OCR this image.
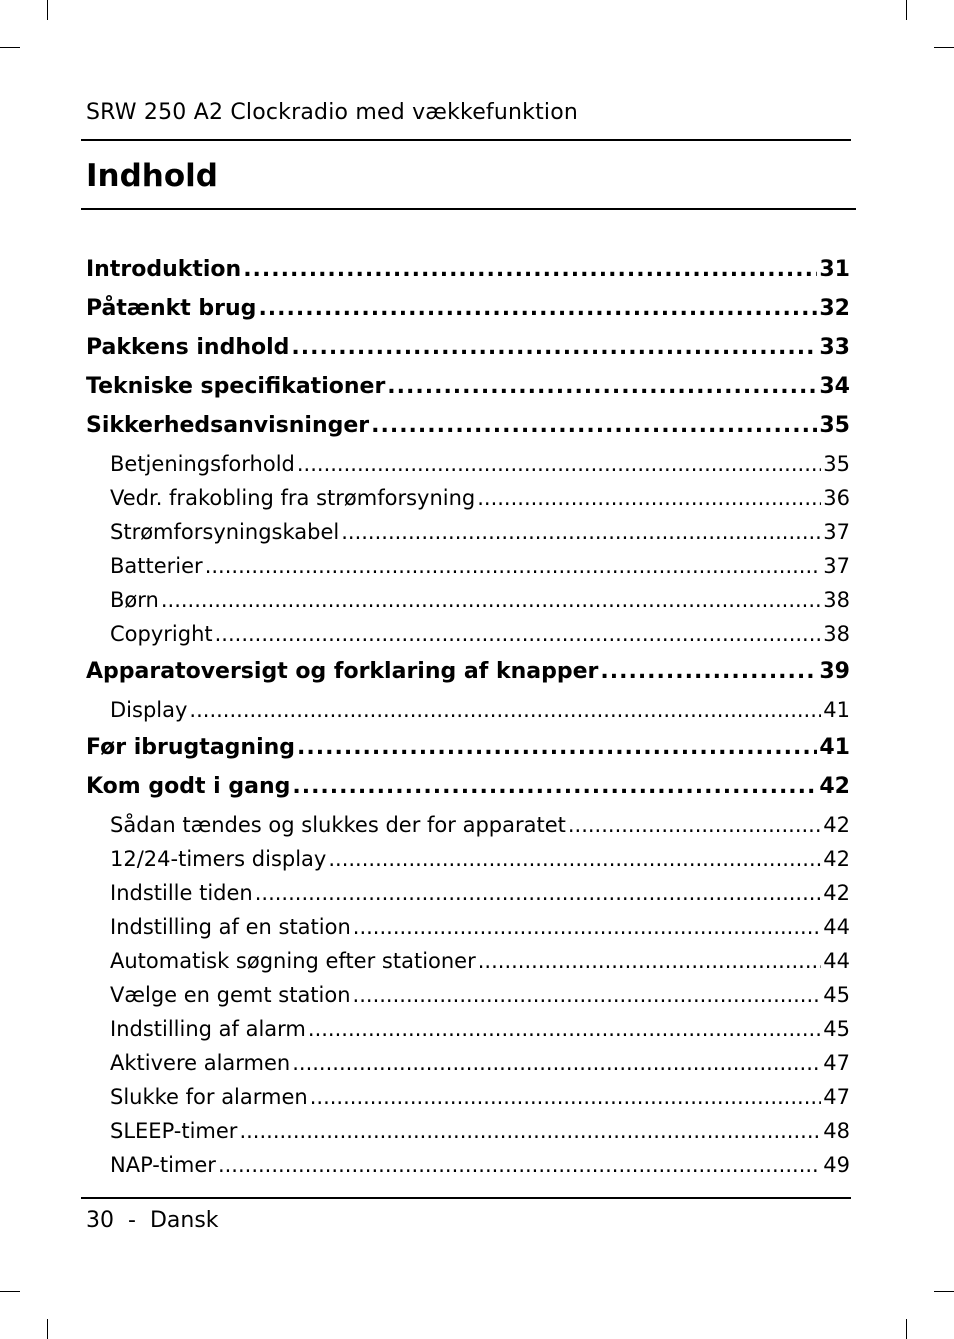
SRW 250 A2 Clockradio med vækkefunktion
Indhold
Introduktion .....	31
Påtænkt brug .....	32
Pakkens indhold .....	33
Tekniske specifikationer .....	34
Sikkerhedsanvisninger .....	35
Betjeningsforhold .....	35
Vedr. frakobling fra strømforsyning .....	36
Strømforsyningskabel .....	37
Batterier .....	37
Børn .....	38
Copyright .....	38
Apparatoversigt og forklaring af knapper .....	39
Display .....	41
Før ibrugtagning .....	41
Kom godt i gang .....	42
Sådan tændes og slukkes der for apparatet .....	42
12/24-timers display .....	42
Indstille tiden .....	42
Indstilling af en station .....	44
Automatisk søgning efter stationer .....	44
Vælge en gemt station .....	45
Indstilling af alarm .....	45
Aktivere alarmen .....	47
Slukke for alarmen .....	47
SLEEP-timer .....	48
NAP-timer .....	49
30 - Dansk
